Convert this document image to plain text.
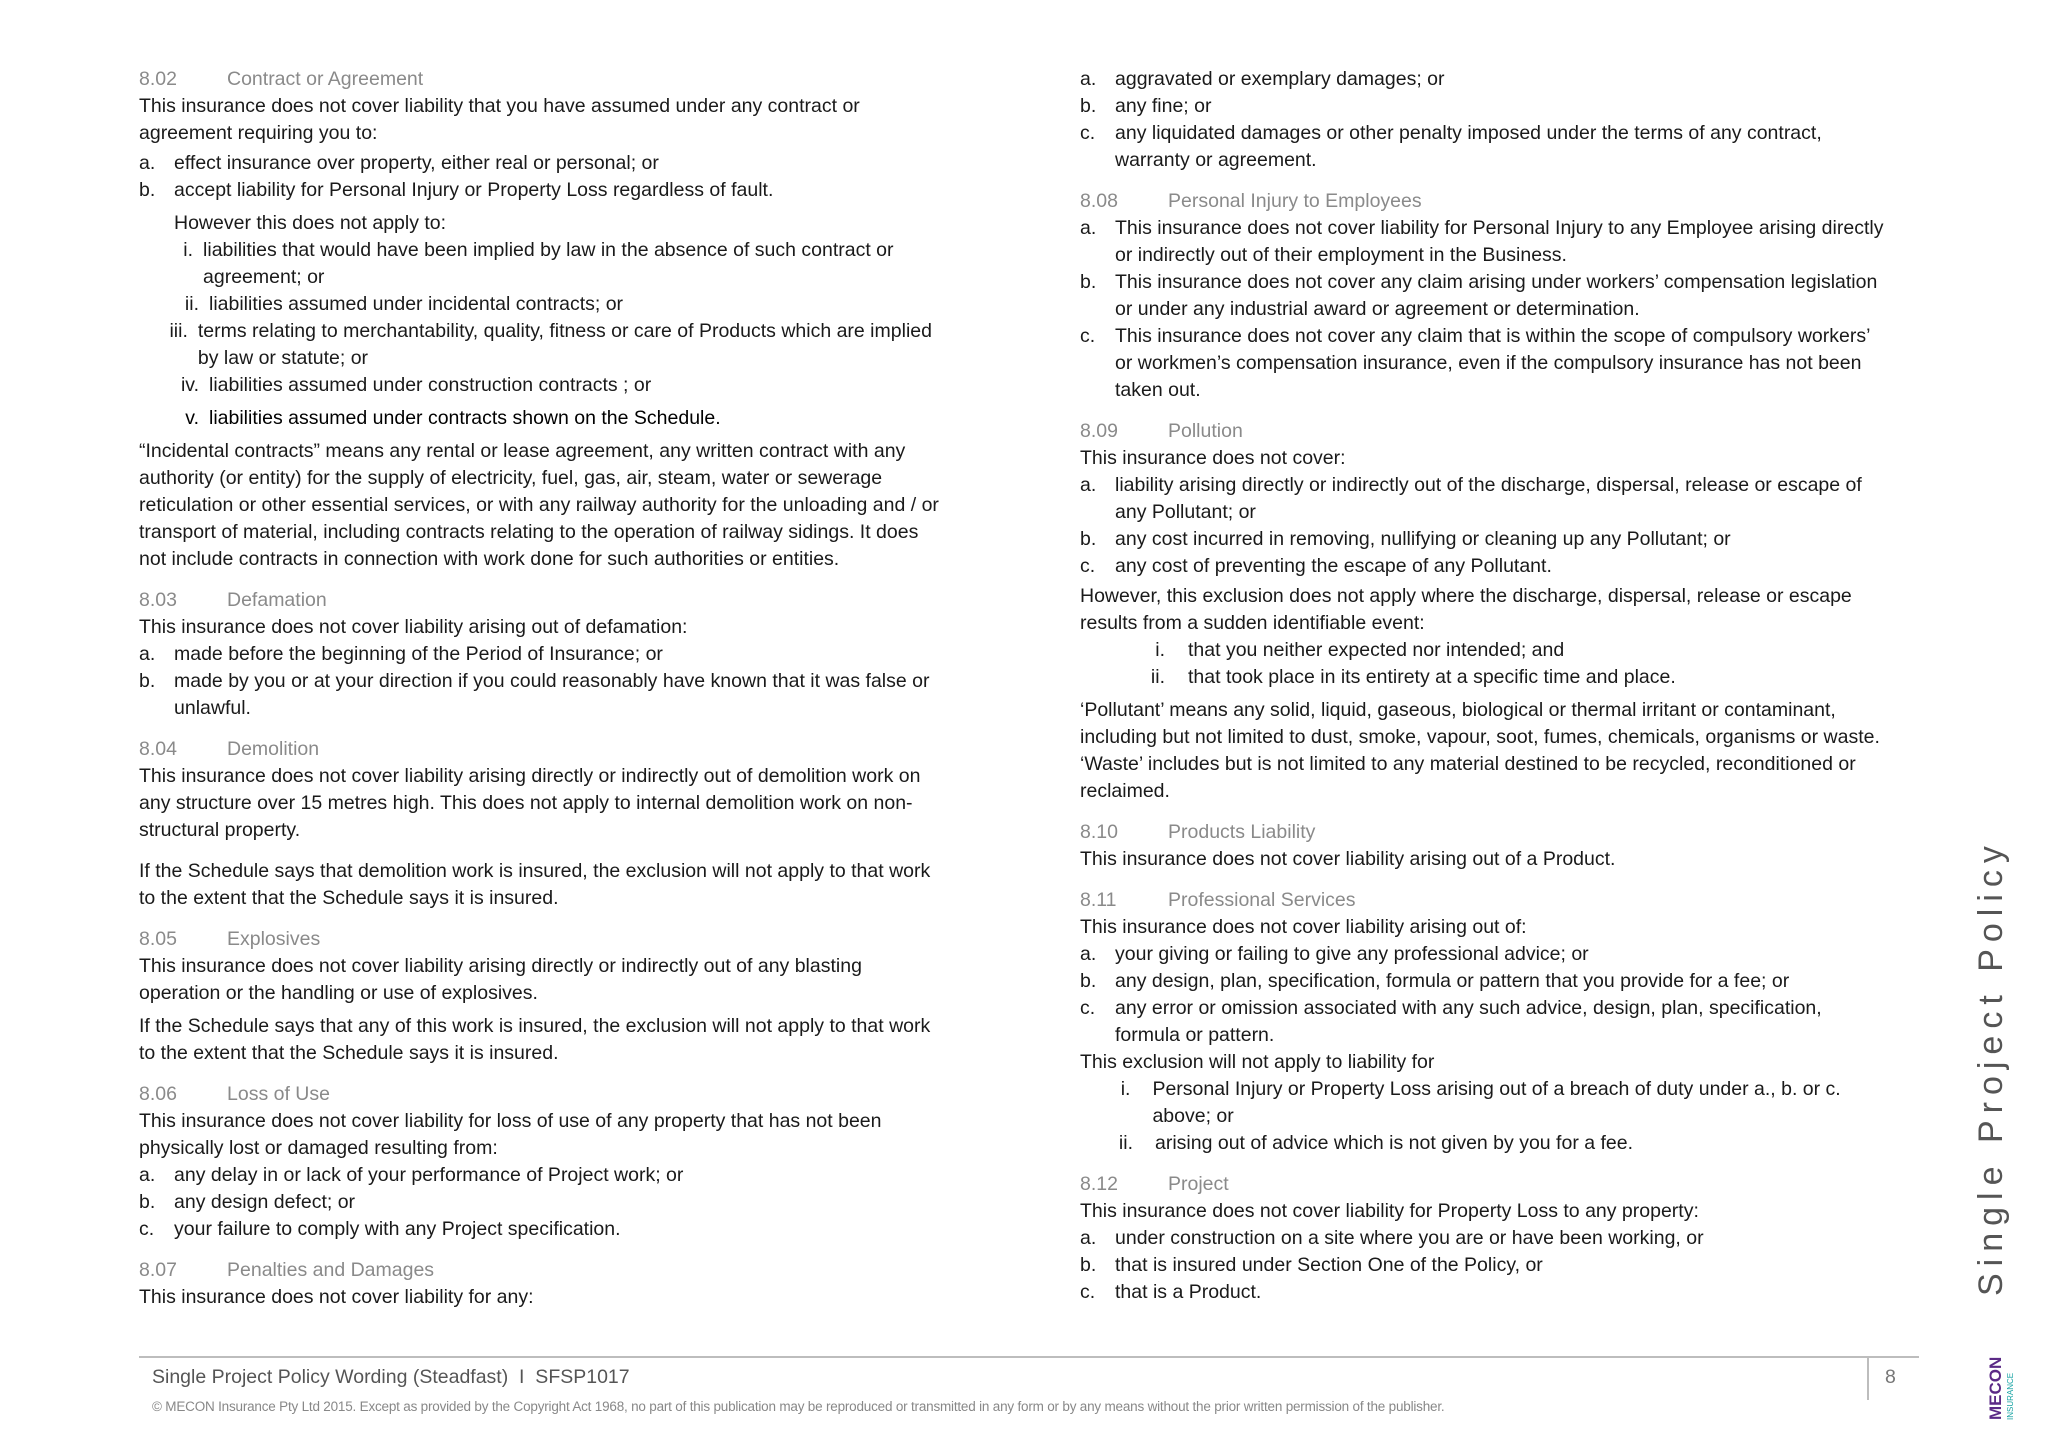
8.02	Contract or Agreement

This insurance does not cover liability that you have assumed under any contract or agreement requiring you to:

a. effect insurance over property, either real or personal; or
b. accept liability for Personal Injury or Property Loss regardless of fault.

However this does not apply to:

i. liabilities that would have been implied by law in the absence of such contract or agreement; or
ii. liabilities assumed under incidental contracts; or
iii. terms relating to merchantability, quality, fitness or care of Products which are implied by law or statute; or
iv. liabilities assumed under construction contracts ; or
v. liabilities assumed under contracts shown on the Schedule.

“Incidental contracts” means any rental or lease agreement, any written contract with any authority (or entity) for the supply of electricity, fuel, gas, air, steam, water or sewerage reticulation or other essential services, or with any railway authority for the unloading and / or transport of material, including contracts relating to the operation of railway sidings. It does not include contracts in connection with work done for such authorities or entities.

8.03	Defamation

This insurance does not cover liability arising out of defamation:

a. made before the beginning of the Period of Insurance; or
b. made by you or at your direction if you could reasonably have known that it was false or unlawful.
8.04	Demolition

This insurance does not cover liability arising directly or indirectly out of demolition work on any structure over 15 metres high. This does not apply to internal demolition work on non-structural property.

If the Schedule says that demolition work is insured, the exclusion will not apply to that work to the extent that the Schedule says it is insured.

8.05	Explosives

This insurance does not cover liability arising directly or indirectly out of any blasting operation or the handling or use of explosives.

If the Schedule says that any of this work is insured, the exclusion will not apply to that work to the extent that the Schedule says it is insured.

8.06	Loss of Use

This insurance does not cover liability for loss of use of any property that has not been physically lost or damaged resulting from:

a. any delay in or lack of your performance of Project work; or
b. any design defect; or
c.	your failure to comply with any Project specification.
8.07	Penalties and Damages

This insurance does not cover liability for any:

a. aggravated or exemplary damages; or
b. any fine; or
c.	any liquidated damages or other penalty imposed under the terms of any contract, warranty or agreement.
8.08	Personal Injury to Employees
a. This insurance does not cover liability for Personal Injury to any Employee arising directly or indirectly out of their employment in the Business.
b. This insurance does not cover any claim arising under workers’ compensation legislation or under any industrial award or agreement or determination.
c.	This insurance does not cover any claim that is within the scope of compulsory workers’ or workmen’s compensation insurance, even if the compulsory insurance has not been taken out.
8.09	Pollution

This insurance does not cover:

a. liability arising directly or indirectly out of the discharge, dispersal, release or escape of any Pollutant; or
b. any cost incurred in removing, nullifying or cleaning up any Pollutant; or
c.	any cost of preventing the escape of any Pollutant.

However, this exclusion does not apply where the discharge, dispersal, release or escape results from a sudden identifiable event:

i.	that you neither expected nor intended; and
ii.	that took place in its entirety at a specific time and place.

‘Pollutant’ means any solid, liquid, gaseous, biological or thermal irritant or contaminant, including but not limited to dust, smoke, vapour, soot, fumes, chemicals, organisms or waste. ‘Waste’ includes but is not limited to any material destined to be recycled, reconditioned or reclaimed.

8.10	Products Liability

This insurance does not cover liability arising out of a Product.

8.11	Professional Services

This insurance does not cover liability arising out of:

a. your giving or failing to give any professional advice; or
b. any design, plan, specification, formula or pattern that you provide for a fee; or
c.	any error or omission associated with any such advice, design, plan, specification, formula or pattern.

This exclusion will not apply to liability for

i.	Personal Injury or Property Loss arising out of a breach of duty under a., b. or c. above; or
ii.	arising out of advice which is not given by you for a fee.
8.12	Project

This insurance does not cover liability for Property Loss to any property:

a. under construction on a site where you are or have been working, or
b. that is insured under Section One of the Policy, or
c.	that is a Product.	Single Project Policy
Single Project Policy Wording (Steadfast)  I  SFSP1017	8
© MECON Insurance Pty Ltd 2015. Except as provided by the Copyright Act 1968, no part of this publication may be reproduced or transmitted in any form or by any means without the prior written permission of the publisher.	MECON INSURANCE
